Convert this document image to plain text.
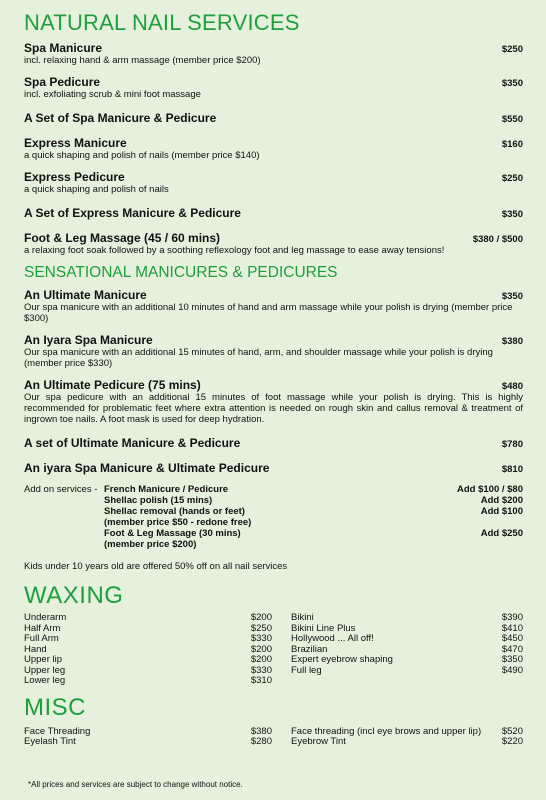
NATURAL NAIL SERVICES
Spa Manicure	$250
incl. relaxing hand & arm massage (member price $200)
Spa Pedicure	$350
incl. exfoliating scrub & mini foot massage
A Set of Spa Manicure & Pedicure	$550
Express Manicure	$160
a quick shaping and polish of nails (member price $140)
Express Pedicure	$250
a quick shaping and polish of nails
A Set of Express Manicure & Pedicure	$350
Foot & Leg Massage (45 / 60 mins)	$380 / $500
a relaxing foot soak followed by a soothing reflexology foot and leg massage to ease away tensions!
SENSATIONAL MANICURES & PEDICURES
An Ultimate Manicure	$350
Our spa manicure with an additional 10 minutes of hand and arm massage while your polish is drying (member price $300)
An Iyara Spa Manicure	$380
Our spa manicure with an additional 15 minutes of hand, arm, and shoulder massage while your polish is drying (member price $330)
An Ultimate Pedicure (75 mins)	$480
Our spa pedicure with an additional 15 minutes of foot massage while your polish is drying. This is highly recommended for problematic feet where extra attention is needed on rough skin and callus removal & treatment of ingrown toe nails. A foot mask is used for deep hydration.
A set of Ultimate Manicure & Pedicure	$780
An iyara Spa Manicure & Ultimate Pedicure	$810
Add on services - French Manicure / Pedicure	Add $100 / $80
Shellac polish (15 mins)	Add $200
Shellac removal (hands or feet)	Add $100
(member price $50 - redone free)
Foot & Leg Massage (30 mins)	Add $250
(member price $200)
Kids under 10 years old are offered 50% off on all nail services
WAXING
Underarm	$200
Half Arm	$250
Full Arm	$330
Hand	$200
Upper lip	$200
Upper leg	$330
Lower leg	$310
Bikini	$390
Bikini Line Plus	$410
Hollywood ... All off!	$450
Brazilian	$470
Expert eyebrow shaping	$350
Full leg	$490
MISC
Face Threading	$380
Eyelash Tint	$280
Face threading (incl eye brows and upper lip) $520
Eyebrow Tint	$220
*All prices and services are subject to change without notice.
